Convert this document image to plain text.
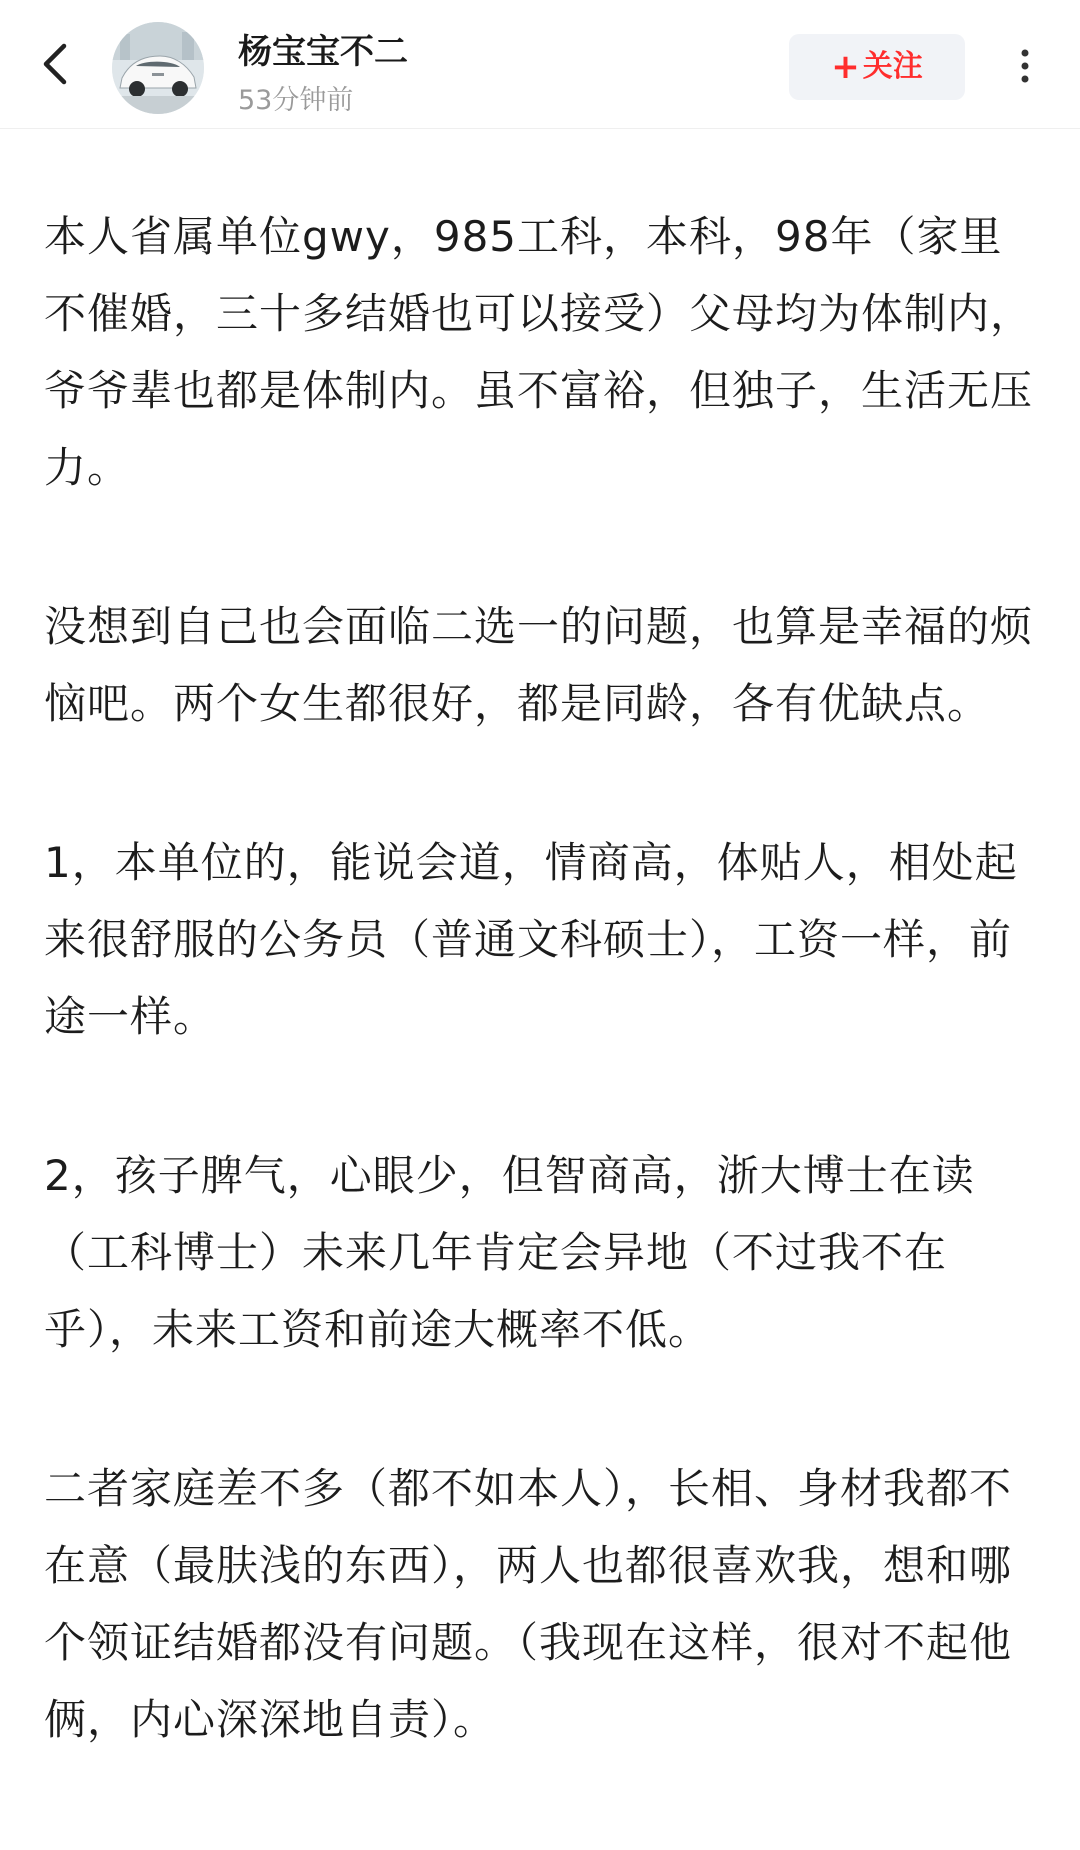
杨宝宝不二
53分钟前
+ 关注

本人省属单位gwy，985工科，本科，98年（家里不催婚，三十多结婚也可以接受）父母均为体制内，爷爷辈也都是体制内。虽不富裕，但独子，生活无压力。

没想到自己也会面临二选一的问题，也算是幸福的烦恼吧。两个女生都很好，都是同龄，各有优缺点。

1，本单位的，能说会道，情商高，体贴人，相处起来很舒服的公务员（普通文科硕士），工资一样，前途一样。

2，孩子脾气，心眼少，但智商高，浙大博士在读（工科博士）未来几年肯定会异地（不过我不在乎），未来工资和前途大概率不低。

二者家庭差不多（都不如本人），长相、身材我都不在意（最肤浅的东西），两人也都很喜欢我，想和哪个领证结婚都没有问题。（我现在这样，很对不起他俩，内心深深地自责）。
